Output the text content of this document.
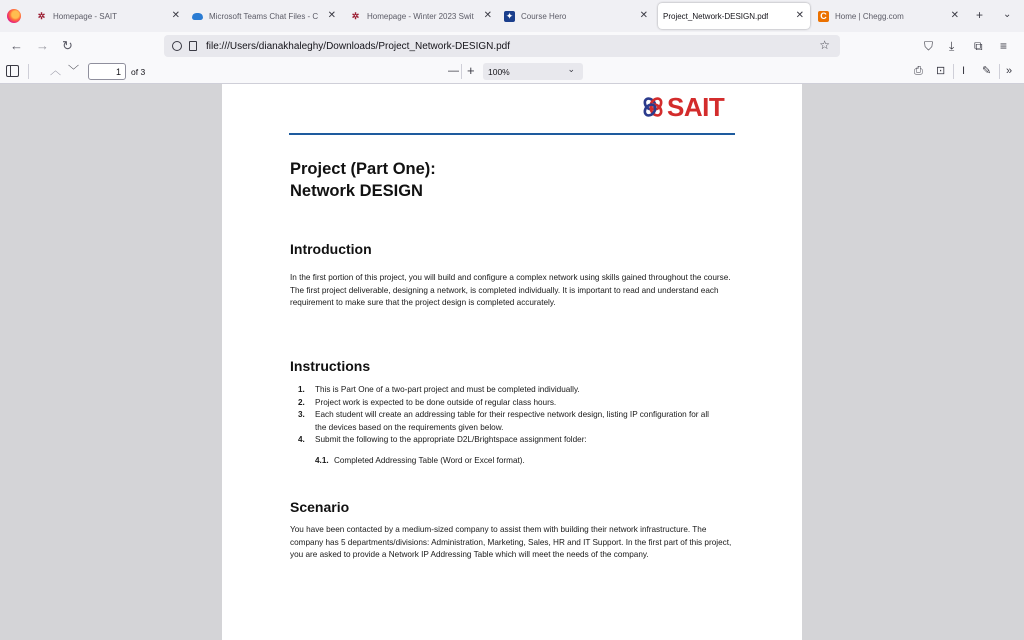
✲ Homepage - SAIT	✕	Microsoft Teams Chat Files - C ✕ ✲ Homepage - Winter 2023 Swit ✕ ✦ Course Hero	✕ Project_Network-DESIGN.pdf	✕ C Home | Chegg.com	✕ + ⌄
← → ↻	file:///Users/dianakhaleghy/Downloads/Project_Network-DESIGN.pdf	☆	⛉ ⤓ ⧉ ≡
︿ ﹀
1	of 3	— + 100%	⌄	⎙ ⊡ I ✎ »
SAIT
Project (Part One):
Network DESIGN
Introduction
In the first portion of this project, you will build and configure a complex network using skills gained throughout the course. The first project deliverable, designing a network, is completed individually. It is important to read and understand each requirement to make sure that the project design is completed accurately.
Instructions
1.	This is Part One of a two-part project and must be completed individually.
2.	Project work is expected to be done outside of regular class hours.
3.	Each student will create an addressing table for their respective network design, listing IP configuration for all the devices based on the requirements given below.
4.	Submit the following to the appropriate D2L/Brightspace assignment folder:
4.1. Completed Addressing Table (Word or Excel format).
Scenario
You have been contacted by a medium-sized company to assist them with building their network infrastructure. The company has 5 departments/divisions: Administration, Marketing, Sales, HR and IT Support. In the first part of this project, you are asked to provide a Network IP Addressing Table which will meet the needs of the company.
